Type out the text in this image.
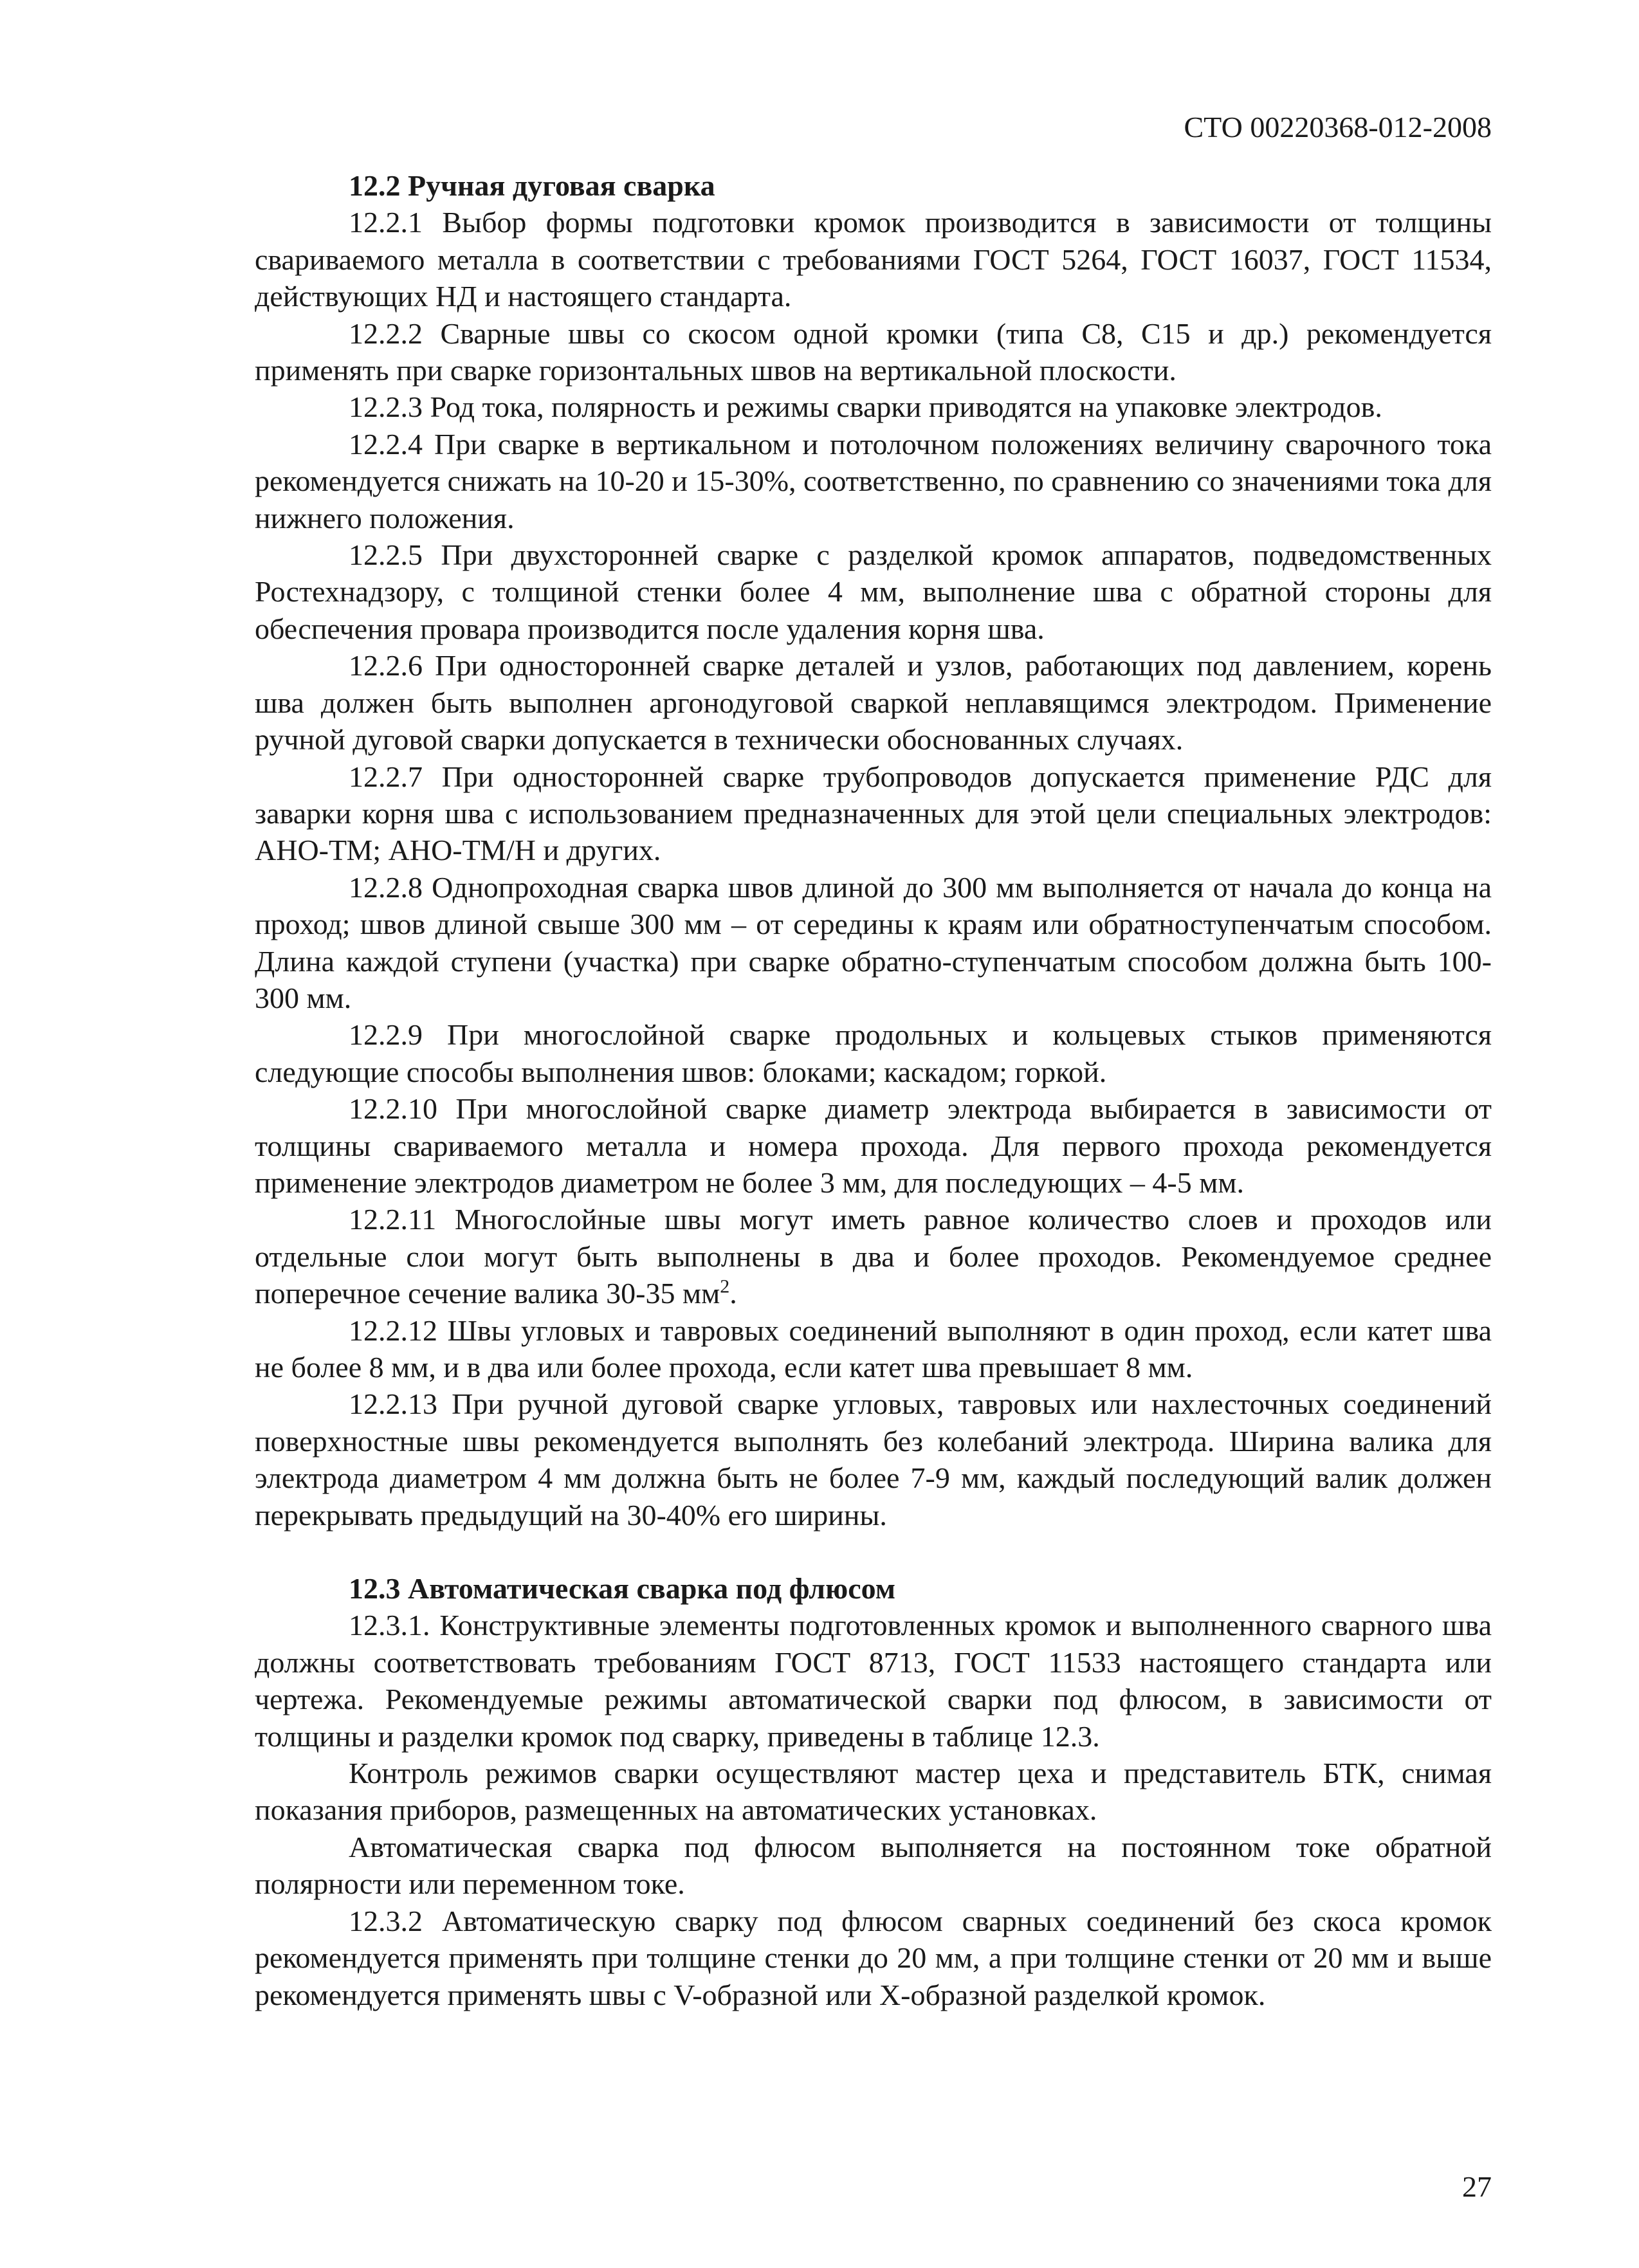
СТО 00220368-012-2008

12.2 Ручная дуговая сварка

12.2.1 Выбор формы подготовки кромок производится в зависимости от толщины свариваемого металла в соответствии с требованиями ГОСТ 5264, ГОСТ 16037, ГОСТ 11534, действующих НД и настоящего стандарта.

12.2.2 Сварные швы со скосом одной кромки (типа С8, С15 и др.) рекомендуется применять при сварке горизонтальных швов на вертикальной плоскости.

12.2.3 Род тока, полярность и режимы сварки приводятся на упаковке электродов.

12.2.4 При сварке в вертикальном и потолочном положениях величину сварочного тока рекомендуется снижать на 10-20 и 15-30%, соответственно, по сравнению со значениями тока для нижнего положения.

12.2.5 При двухсторонней сварке с разделкой кромок аппаратов, подведомственных Ростехнадзору, с толщиной стенки более 4 мм, выполнение шва с обратной стороны для обеспечения провара производится после удаления корня шва.

12.2.6 При односторонней сварке деталей и узлов, работающих под давлением, корень шва должен быть выполнен аргонодуговой сваркой неплавящимся электродом. Применение ручной дуговой сварки допускается в технически обоснованных случаях.

12.2.7 При односторонней сварке трубопроводов допускается применение РДС для заварки корня шва с использованием предназначенных для этой цели специальных электродов: АНО-ТМ; АНО-ТМ/Н и других.

12.2.8 Однопроходная сварка швов длиной до 300 мм выполняется от начала до конца на проход; швов длиной свыше 300 мм – от середины к краям или обратноступенчатым способом. Длина каждой ступени (участка) при сварке обратно-ступенчатым способом должна быть 100-300 мм.

12.2.9 При многослойной сварке продольных и кольцевых стыков применяются следующие способы выполнения швов: блоками; каскадом; горкой.

12.2.10 При многослойной сварке диаметр электрода выбирается в зависимости от толщины свариваемого металла и номера прохода. Для первого прохода рекомендуется применение электродов диаметром не более 3 мм, для последующих – 4-5 мм.

12.2.11 Многослойные швы могут иметь равное количество слоев и проходов или отдельные слои могут быть выполнены в два и более проходов. Рекомендуемое среднее поперечное сечение валика 30-35 $мм^2$.

12.2.12 Швы угловых и тавровых соединений выполняют в один проход, если катет шва не более 8 мм, и в два или более прохода, если катет шва превышает 8 мм.

12.2.13 При ручной дуговой сварке угловых, тавровых или нахлесточных соединений поверхностные швы рекомендуется выполнять без колебаний электрода. Ширина валика для электрода диаметром 4 мм должна быть не более 7-9 мм, каждый последующий валик должен перекрывать предыдущий на 30-40% его ширины.

12.3 Автоматическая сварка под флюсом

12.3.1. Конструктивные элементы подготовленных кромок и выполненного сварного шва должны соответствовать требованиям ГОСТ 8713, ГОСТ 11533 настоящего стандарта или чертежа. Рекомендуемые режимы автоматической сварки под флюсом, в зависимости от толщины и разделки кромок под сварку, приведены в таблице 12.3.

Контроль режимов сварки осуществляют мастер цеха и представитель БТК, снимая показания приборов, размещенных на автоматических установках.

Автоматическая сварка под флюсом выполняется на постоянном токе обратной полярности или переменном токе.

12.3.2 Автоматическую сварку под флюсом сварных соединений без скоса кромок рекомендуется применять при толщине стенки до 20 мм, а при толщине стенки от 20 мм и выше рекомендуется применять швы с V-образной или X-образной разделкой кромок.

27
